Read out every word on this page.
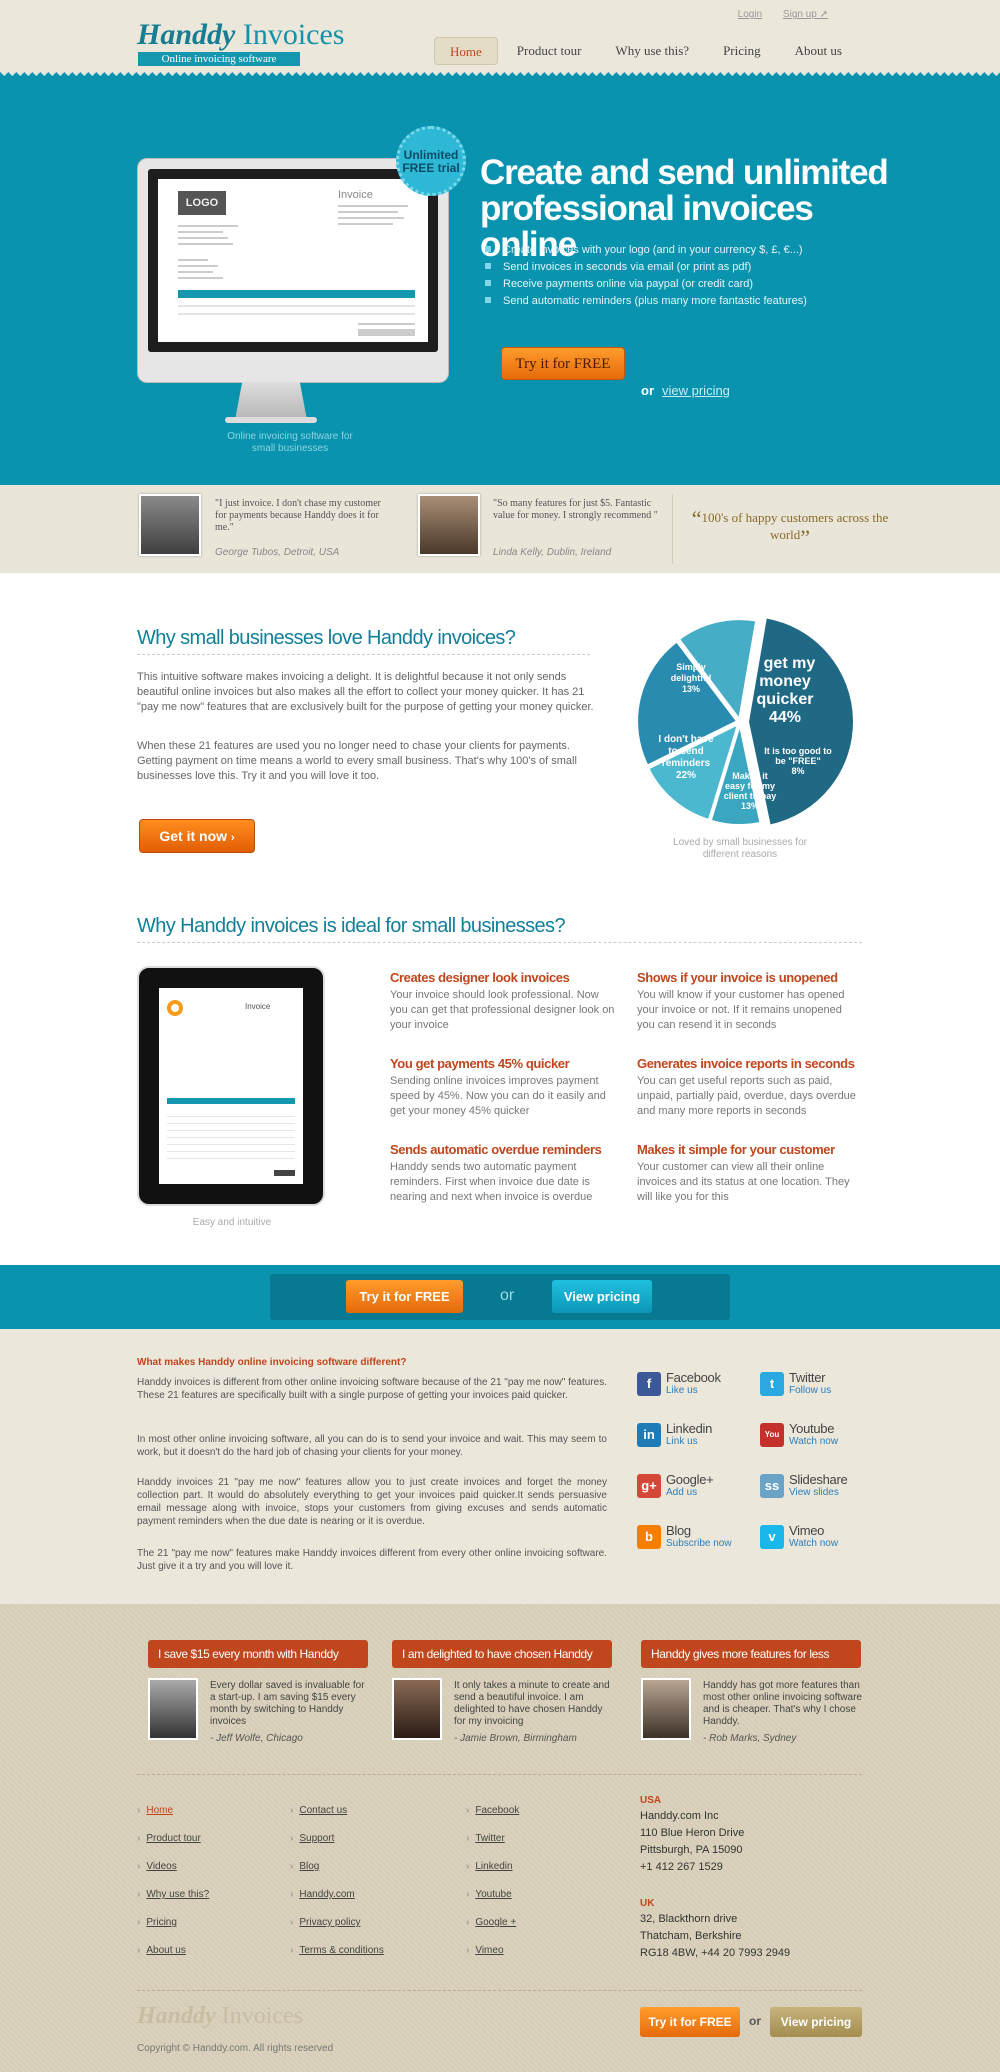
Handdy Invoices
Online invoicing software
Login Sign up ➚
Home	Product tour	Why use this?	Pricing	About us
LOGO
Invoice
Unlimited FREE trial
Online invoicing software for small businesses
Create and send unlimited professional invoices online
Create invoices with your logo (and in your currency $, £, €...)
Send invoices in seconds via email (or print as pdf)
Receive payments online via paypal (or credit card)
Send automatic reminders (plus many more fantastic features)
Try it for FREE
or view pricing
"I just invoice. I don't chase my customer for payments because Handdy does it for me."
George Tubos, Detroit, USA
"So many features for just $5. Fantastic value for money. I strongly recommend "
Linda Kelly, Dublin, Ireland
“100's of happy customers across the world”
Why small businesses love Handdy invoices?
This intuitive software makes invoicing a delight. It is delightful because it not only sends beautiful online invoices but also makes all the effort to collect your money quicker. It has 21 "pay me now" features that are exclusively built for the purpose of getting your money quicker.
When these 21 features are used you no longer need to chase your clients for payments. Getting payment on time means a world to every small business. That's why 100's of small businesses love this. Try it and you will love it too.
Get it now ›	Loved by small businesses for different reasons
I get my
money quicker
44%
It is too good to
be "FREE"
8%
Makes it
easy for my
client to pay
13%
I don't have
to send
reminders
22%
Simply
delightful
13%
Why Handdy invoices is ideal for small businesses?
Invoice
Easy and intuitive
Creates designer look invoices
Your invoice should look professional. Now you can get that professional designer look on your invoice
Shows if your invoice is unopened
You will know if your customer has opened your invoice or not. If it remains unopened you can resend it in seconds
You get payments 45% quicker
Sending online invoices improves payment speed by 45%. Now you can do it easily and get your money 45% quicker
Generates invoice reports in seconds
You can get useful reports such as paid, unpaid, partially paid, overdue, days overdue and many more reports in seconds
Sends automatic overdue reminders
Handdy sends two automatic payment reminders. First when invoice due date is nearing and next when invoice is overdue
Makes it simple for your customer
Your customer can view all their online invoices and its status at one location. They will like you for this
Try it for FREE	or	View pricing
What makes Handdy online invoicing software different?
Handdy invoices is different from other online invoicing software because of the 21 "pay me now" features. These 21 features are specifically built with a single purpose of getting your invoices paid quicker.
In most other online invoicing software, all you can do is to send your invoice and wait. This may seem to work, but it doesn't do the hard job of chasing your clients for your money.
Handdy invoices 21 "pay me now" features allow you to just create invoices and forget the money collection part. It would do absolutely everything to get your invoices paid quicker.It sends persuasive email message along with invoice, stops your customers from giving excuses and sends automatic payment reminders when the due date is nearing or it is overdue.
The 21 "pay me now" features make Handdy invoices different from every other online invoicing software. Just give it a try and you will love it.
f	Facebook
Like us	t	Twitter
Follow us
in Linkedin
Link us
You Youtube
Watch now
g+ Google+
Add us	ss Slideshare
View slides
b	Blog
Subscribe now	v	Vimeo
Watch now
I save $15 every month with Handdy
Every dollar saved is invaluable for a start-up. I am saving $15 every month by switching to Handdy invoices
- Jeff Wolfe, Chicago
I am delighted to have chosen Handdy
It only takes a minute to create and send a beautiful invoice. I am delighted to have chosen Handdy for my invoicing
- Jamie Brown, Birmingham
Handdy gives more features for less
Handdy has got more features than most other online invoicing software and is cheaper. That's why I chose Handdy.
- Rob Marks, Sydney
› Home
› Product tour
› Videos
› Why use this?
› Pricing
› About us
› Contact us
› Support
› Blog
› Handdy.com
› Privacy policy
› Terms & conditions
› Facebook
› Twitter
› Linkedin
› Youtube
› Google +
› Vimeo
USA
Handdy.com Inc
110 Blue Heron Drive
Pittsburgh, PA 15090
+1 412 267 1529
UK
32, Blackthorn drive
Thatcham, Berkshire
RG18 4BW, +44 20 7993 2949
Handdy Invoices
Copyright © Handdy.com. All rights reserved
Try it for FREE	or	View pricing
